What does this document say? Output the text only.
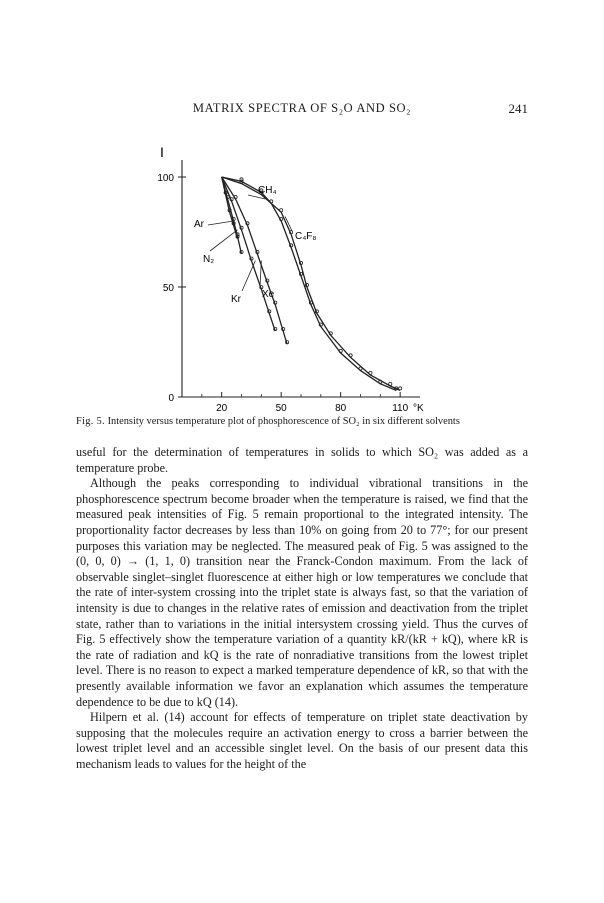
MATRIX SPECTRA OF S₂O AND SO₂	241
I
°K
20	50	80	110
100
50
0
Ar
N₂
Kr Xe
CH₄
C₄F₈
Fig. 5. Intensity versus temperature plot of phosphorescence of SO₂ in six different solvents

useful for the determination of temperatures in solids to which SO₂ was added as a temperature probe.

Although the peaks corresponding to individual vibrational transitions in the phosphorescence spectrum become broader when the temperature is raised, we find that the measured peak intensities of Fig. 5 remain proportional to the integrated intensity. The proportionality factor decreases by less than 10% on going from 20 to 77°; for our present purposes this variation may be neglected. The measured peak of Fig. 5 was assigned to the (0, 0, 0) → (1, 1, 0) transition near the Franck-Condon maximum. From the lack of observable singlet–singlet fluorescence at either high or low temperatures we conclude that the rate of inter-system crossing into the triplet state is always fast, so that the variation of intensity is due to changes in the relative rates of emission and deactivation from the triplet state, rather than to variations in the initial intersystem crossing yield. Thus the curves of Fig. 5 effectively show the temperature variation of a quantity kR/(kR + kQ), where kR is the rate of radiation and kQ is the rate of nonradiative transitions from the lowest triplet level. There is no reason to expect a marked temperature dependence of kR, so that with the presently available information we favor an explanation which assumes the temperature dependence to be due to kQ (14).

Hilpern et al. (14) account for effects of temperature on triplet state deactivation by supposing that the molecules require an activation energy to cross a barrier between the lowest triplet level and an accessible singlet level. On the basis of our present data this mechanism leads to values for the height of the
